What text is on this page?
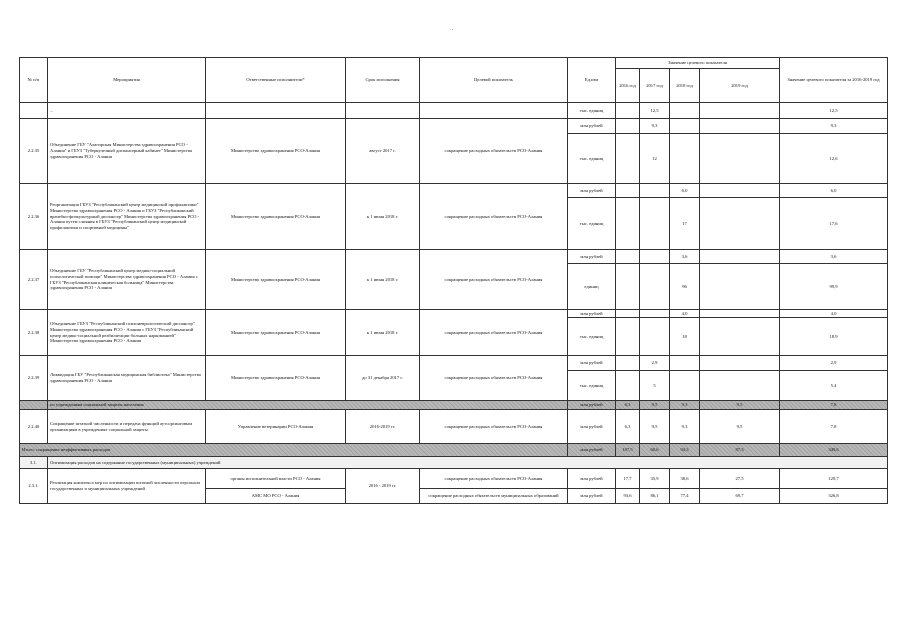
.
№ п/п	Мероприятия	Ответственные исполнители*	Срок исполнения	Целевой показатель	Ед.изм	Значение целевого показателя				Значение целевого показателя за 2016-2019 год
						2016 год	2017 год	2018 год	2019 год	
	...				тыс. единиц		12,5			12,5
2.2.35	Объединение ГБУ "Алагирская Министерства здравоохранения РСО - Алания" и ГБУЗ "Туберкулезный диспансерный кабинет" Министерства здравоохранения РСО - Алания	Министерство здравоохранения РСО-Алания	август 2017 г.	сокращение расходных обязательств РСО-Алания	млн рублей		9,3			9,3
					тыс. единиц		12			12,6
2.2.36	Реорганизация ГБУЗ "Республиканский центр медицинской профилактики" Министерства здравоохранения РСО - Алания и ГБУЗ "Республиканский врачебно-физкультурный диспансер" Министерства здравоохранения РСО - Алания путем слияния в ГБУЗ "Республиканский центр медицинской профилактики и спортивной медицины"	Министерство здравоохранения РСО-Алания	к 1 июня 2018 г.	сокращение расходных обязательств РСО-Алания	млн рублей			6,0		6,0
					тыс. единиц			17		17,6
2.2.37	Объединение ГБУ "Республиканский центр медико-социальной психологической помощи" Министерства здравоохранения РСО - Алания с ГБУЗ "Республиканская клиническая больница" Министерства здравоохранения РСО - Алания	Министерство здравоохранения РСО-Алания	к 1 июня 2018 г.	сокращение расходных обязательств РСО-Алания	млн рублей			3,6		3,6
					единиц			96		99,9
2.2.38	Объединение ГБУЗ "Республиканский психоневрологический диспансер" Министерства здравоохранения РСО - Алания с ГБУЗ "Республиканский центр медико-социальной реабилитации больных наркоманией" Министерства здравоохранения РСО - Алания	Министерство здравоохранения РСО-Алания	к 1 июня 2018 г.	сокращение расходных обязательств РСО-Алания	млн рублей			4,0		4,0
					тыс. единиц			18		18,9
2.2.39	Ликвидация ГБУ "Республиканская медицинская библиотека" Министерства здравоохранения РСО - Алания	Министерство здравоохранения РСО-Алания	до 31 декабря 2017 г.	сокращение расходных обязательств РСО-Алания	млн рублей		2,9			2,9
					тыс. единиц		5			5,4
	по учреждениям социальной защиты населения				млн рублей	6,3	9,5	9,3	9,5	7,8
2.2.40	Сокращение штатной численности и передача функций аутсорсинговым организациям в учреждениях социальной защиты	Управление ветеринарии РСО-Алания	2016-2019 гг.	сокращение расходных обязательств РСО-Алания	млн рублей	6,3	9,5	9,3	9,5	7,8
Итого: сокращение неэффективных расходов					млн рублей	107,5	60,6	94,3	87,3	349,6
3.1.	Оптимизация расходов на содержание государственных (муниципальных) учреждений									
2.3.1.	Реализация комплекса мер по оптимизации штатной численности персонала государственных и муниципальных учреждений	органы исполнительной власти РСО - Алания	2016 - 2019 гг.	сокращение расходных обязательств РСО-Алания	млн рублей	17,7	35,9	38,6	27,5	129,7
		АМС МО РСО - Алания		сокращение расходных обязательств муниципальных образований	млн рублей	93,6	86,1	77,4	69,7	326,8
